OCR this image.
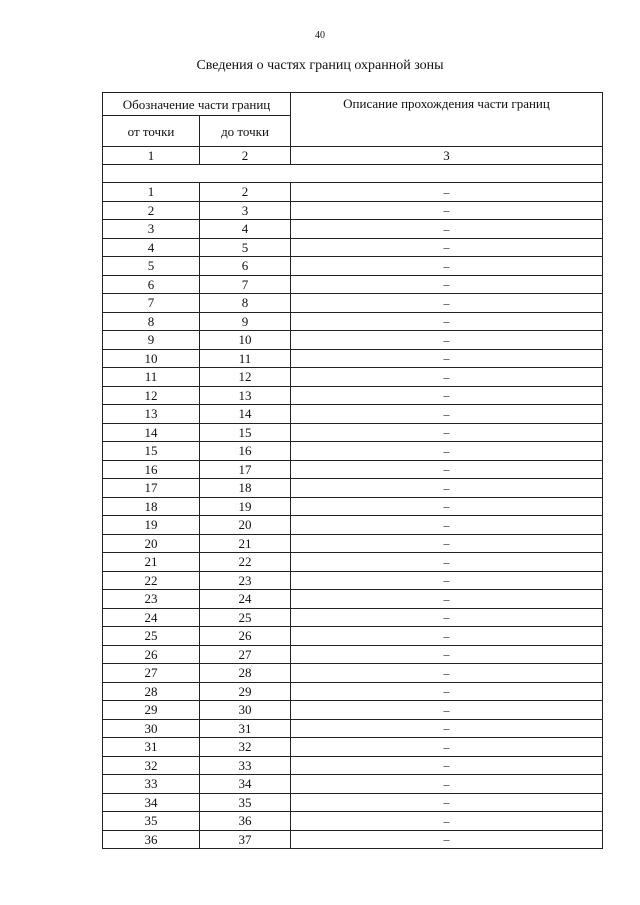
40
Сведения о частях границ охранной зоны
Обозначение части границ		Описание прохождения части границ
от точки	до точки	
1	2	3

1	2	–
2	3	–
3	4	–
4	5	–
5	6	–
6	7	–
7	8	–
8	9	–
9	10	–
10	11	–
11	12	–
12	13	–
13	14	–
14	15	–
15	16	–
16	17	–
17	18	–
18	19	–
19	20	–
20	21	–
21	22	–
22	23	–
23	24	–
24	25	–
25	26	–
26	27	–
27	28	–
28	29	–
29	30	–
30	31	–
31	32	–
32	33	–
33	34	–
34	35	–
35	36	–
36	37	–
